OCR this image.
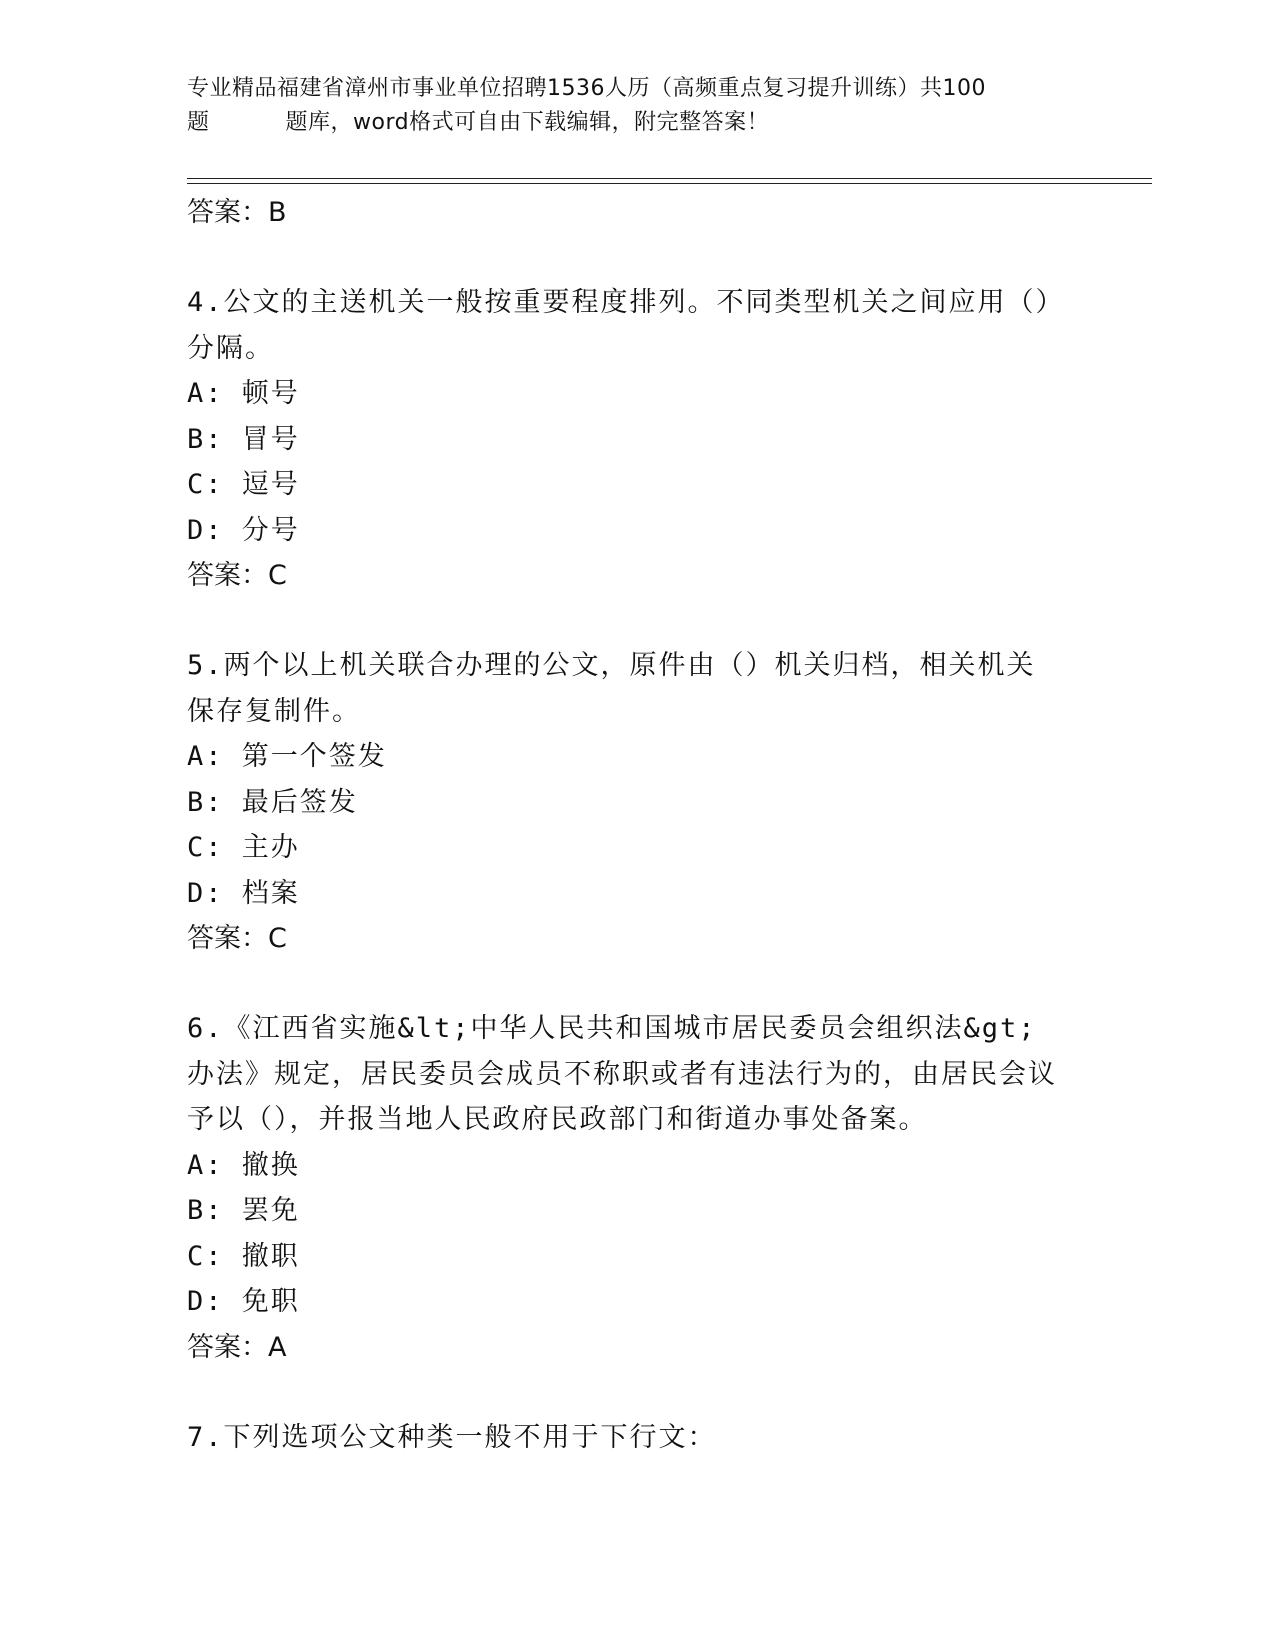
专业精品福建省漳州市事业单位招聘1536人历（高频重点复习提升训练）共100
题	题库，word格式可自由下载编辑，附完整答案！
答案：B
4.公文的主送机关一般按重要程度排列。不同类型机关之间应用（）分隔。
A: 顿号
B: 冒号
C: 逗号
D: 分号
答案：C
5.两个以上机关联合办理的公文，原件由（）机关归档，相关机关保存复制件。
A: 第一个签发
B: 最后签发
C: 主办
D: 档案
答案：C
6.《江西省实施&lt;中华人民共和国城市居民委员会组织法&gt;办法》规定，居民委员会成员不称职或者有违法行为的，由居民会议予以（），并报当地人民政府民政部门和街道办事处备案。
A: 撤换
B: 罢免
C: 撤职
D: 免职
答案：A
7.下列选项公文种类一般不用于下行文：
